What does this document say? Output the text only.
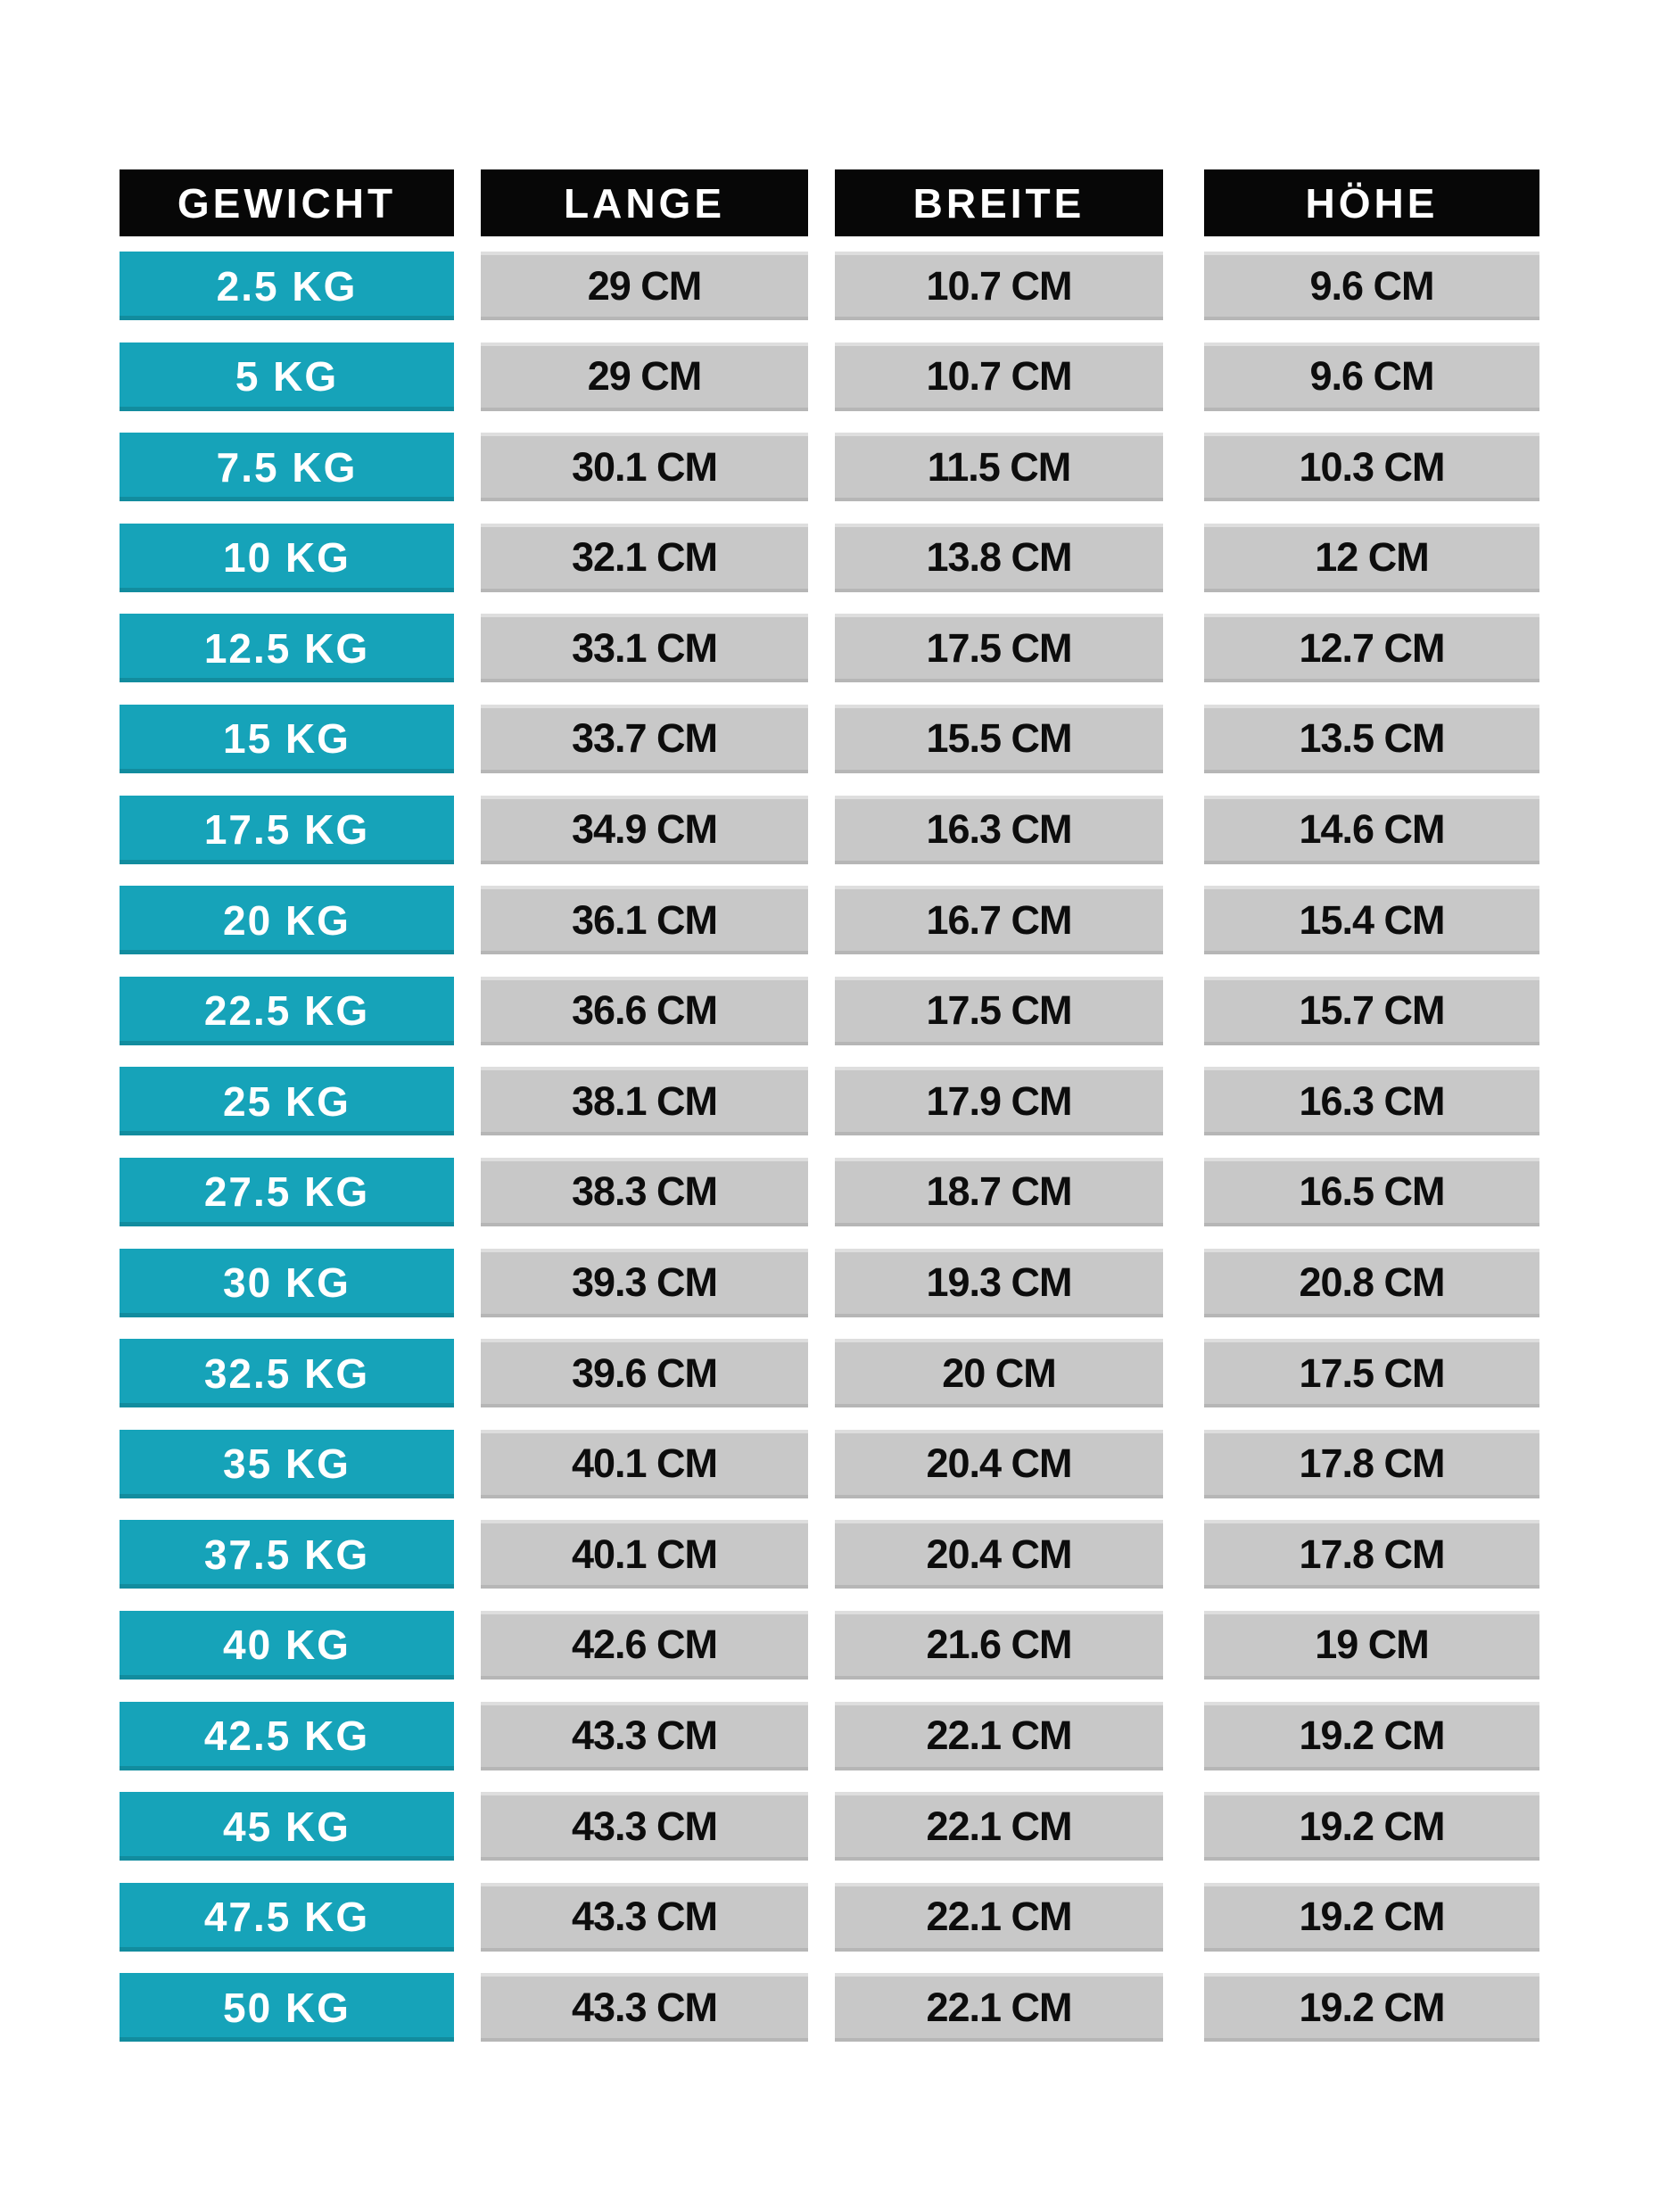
GEWICHT	LANGE	BREITE	HÖHE
2.5 KG	29 CM	10.7 CM	9.6 CM
5 KG	29 CM	10.7 CM	9.6 CM
7.5 KG	30.1 CM	11.5 CM	10.3 CM
10 KG	32.1 CM	13.8 CM	12 CM
12.5 KG	33.1 CM	17.5 CM	12.7 CM
15 KG	33.7 CM	15.5 CM	13.5 CM
17.5 KG	34.9 CM	16.3 CM	14.6 CM
20 KG	36.1 CM	16.7 CM	15.4 CM
22.5 KG	36.6 CM	17.5 CM	15.7 CM
25 KG	38.1 CM	17.9 CM	16.3 CM
27.5 KG	38.3 CM	18.7 CM	16.5 CM
30 KG	39.3 CM	19.3 CM	20.8 CM
32.5 KG	39.6 CM	20 CM	17.5 CM
35 KG	40.1 CM	20.4 CM	17.8 CM
37.5 KG	40.1 CM	20.4 CM	17.8 CM
40 KG	42.6 CM	21.6 CM	19 CM
42.5 KG	43.3 CM	22.1 CM	19.2 CM
45 KG	43.3 CM	22.1 CM	19.2 CM
47.5 KG	43.3 CM	22.1 CM	19.2 CM
50 KG	43.3 CM	22.1 CM	19.2 CM
